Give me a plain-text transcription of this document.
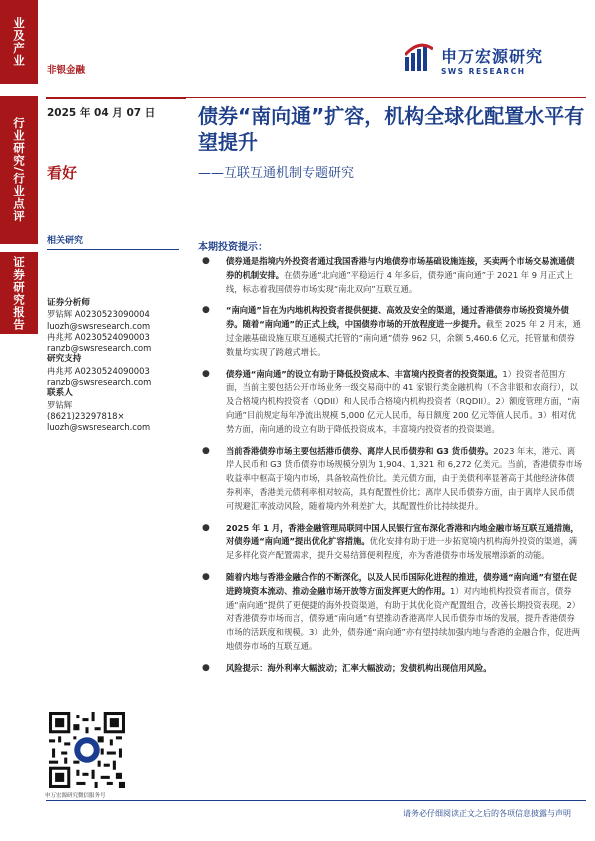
业及产业
行业研究/行业点评
证券研究报告
非银金融
申万宏源研究
SWS RESEARCH
2025 年 04 月 07 日 债券“南向通”扩容，机构全球化配置水平有望提升
——互联互通机制专题研究
看好
相关研究
证券分析师
罗钻辉 A0230523090004
luozh@swsresearch.com
冉兆邦 A0230524090003
ranzb@swsresearch.com
研究支持
冉兆邦 A0230524090003
ranzb@swsresearch.com
联系人
罗钻辉
(8621)23297818×
luozh@swsresearch.com
本期投资提示：
● 债券通是指境内外投资者通过我国香港与内地债券市场基础设施连接，买卖两个市场交易流通债券的机制安排。在债券通“北向通”平稳运行 4 年多后，债券通“南向通”于 2021 年 9 月正式上线，标志着我国债券市场实现“南北双向”互联互通。
● “南向通”旨在为内地机构投资者提供便捷、高效及安全的渠道，通过香港债券市场投资境外债券。随着“南向通”的正式上线，中国债券市场的开放程度进一步提升。截至 2025 年 2 月末，通过金融基础设施互联互通模式托管的“南向通”债券 962 只，余额 5,460.6 亿元，托管量和债券数量均实现了跨越式增长。
● 债券通“南向通”的设立有助于降低投资成本、丰富境内投资者的投资渠道。1）投资者范围方面，当前主要包括公开市场业务一级交易商中的 41 家银行类金融机构（不含非银和农商行），以及合格境内机构投资者（QDII）和人民币合格境内机构投资者（RQDII）。2）额度管理方面，“南向通”目前规定每年净流出规模 5,000 亿元人民币，每日额度 200 亿元等值人民币。3）相对优势方面，南向通的设立有助于降低投资成本，丰富境内投资者的投资渠道。
● 当前香港债券市场主要包括港币债券、离岸人民币债券和 G3 货币债券。2023 年末，港元、离岸人民币和 G3 货币债券市场规模分别为 1,904、1,321 和 6,272 亿美元。当前，香港债券市场收益率中枢高于境内市场，具备较高性价比。美元债方面，由于美债利率显著高于其他经济体债券利率，香港美元债利率相对较高，具有配置性价比；离岸人民币债券方面，由于离岸人民币债可规避汇率波动风险，随着境内外利差扩大，其配置性价比持续提升。
● 2025 年 1 月，香港金融管理局联同中国人民银行宣布深化香港和内地金融市场互联互通措施，对债券通“南向通”提出优化扩容措施。优化安排有助于进一步拓宽境内机构海外投资的渠道，满足多样化资产配置需求，提升交易结算便利程度，亦为香港债券市场发展增添新的动能。
● 随着内地与香港金融合作的不断深化，以及人民币国际化进程的推进，债券通“南向通”有望在促进跨境资本流动、推动金融市场开放等方面发挥更大的作用。1）对内地机构投资者而言，债券通“南向通”提供了更便捷的海外投资渠道，有助于其优化资产配置组合，改善长期投资表现。2）对香港债券市场而言，债券通“南向通”有望推动香港离岸人民币债券市场的发展，提升香港债券市场的活跃度和规模。3）此外，债券通“南向通”亦有望持续加强内地与香港的金融合作，促进两地债券市场的互联互通。
● 风险提示：海外利率大幅波动；汇率大幅波动；发债机构出现信用风险。
申万宏源研究微信服务号
请务必仔细阅读正文之后的各项信息披露与声明
